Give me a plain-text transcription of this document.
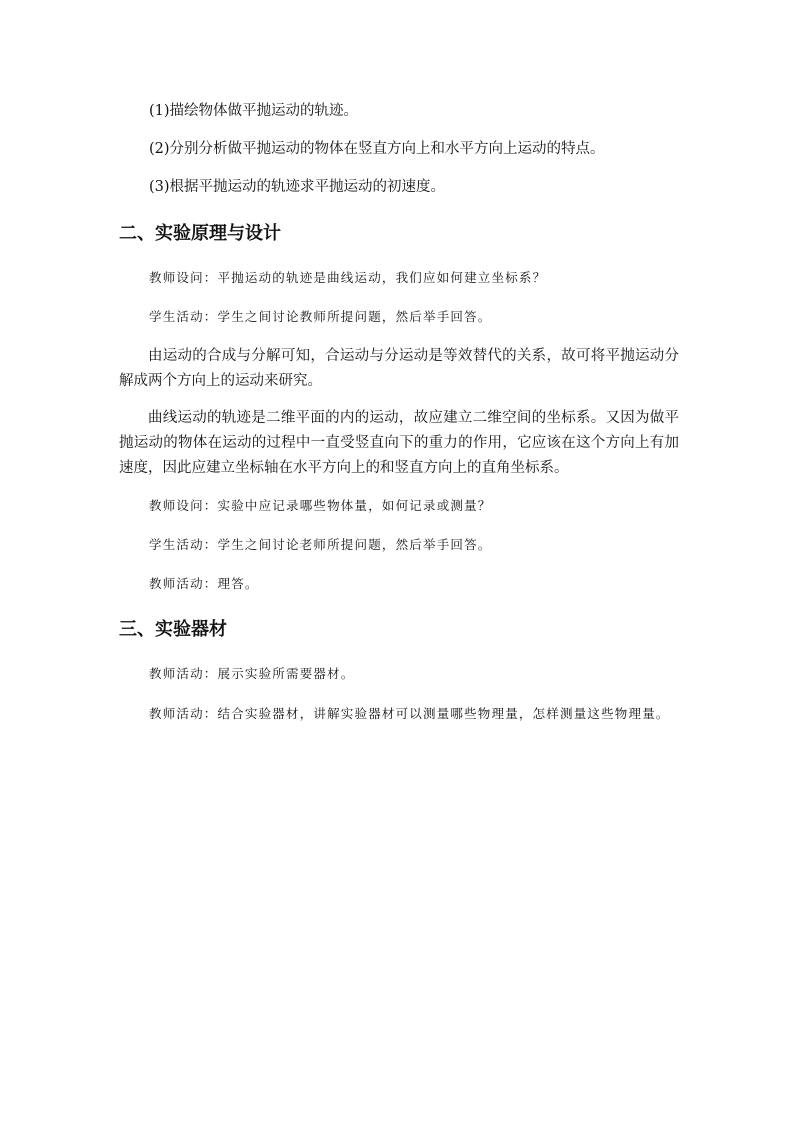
(1)描绘物体做平抛运动的轨迹。
(2)分别分析做平抛运动的物体在竖直方向上和水平方向上运动的特点。
(3)根据平抛运动的轨迹求平抛运动的初速度。
二、实验原理与设计
教师设问：平抛运动的轨迹是曲线运动，我们应如何建立坐标系？
学生活动：学生之间讨论教师所提问题，然后举手回答。
由运动的合成与分解可知，合运动与分运动是等效替代的关系，故可将平抛运动分解成两个方向上的运动来研究。
曲线运动的轨迹是二维平面的内的运动，故应建立二维空间的坐标系。又因为做平抛运动的物体在运动的过程中一直受竖直向下的重力的作用，它应该在这个方向上有加速度，因此应建立坐标轴在水平方向上的和竖直方向上的直角坐标系。
教师设问：实验中应记录哪些物体量，如何记录或测量？
学生活动：学生之间讨论老师所提问题，然后举手回答。
教师活动：理答。
三、实验器材
教师活动：展示实验所需要器材。
教师活动：结合实验器材，讲解实验器材可以测量哪些物理量，怎样测量这些物理量。
